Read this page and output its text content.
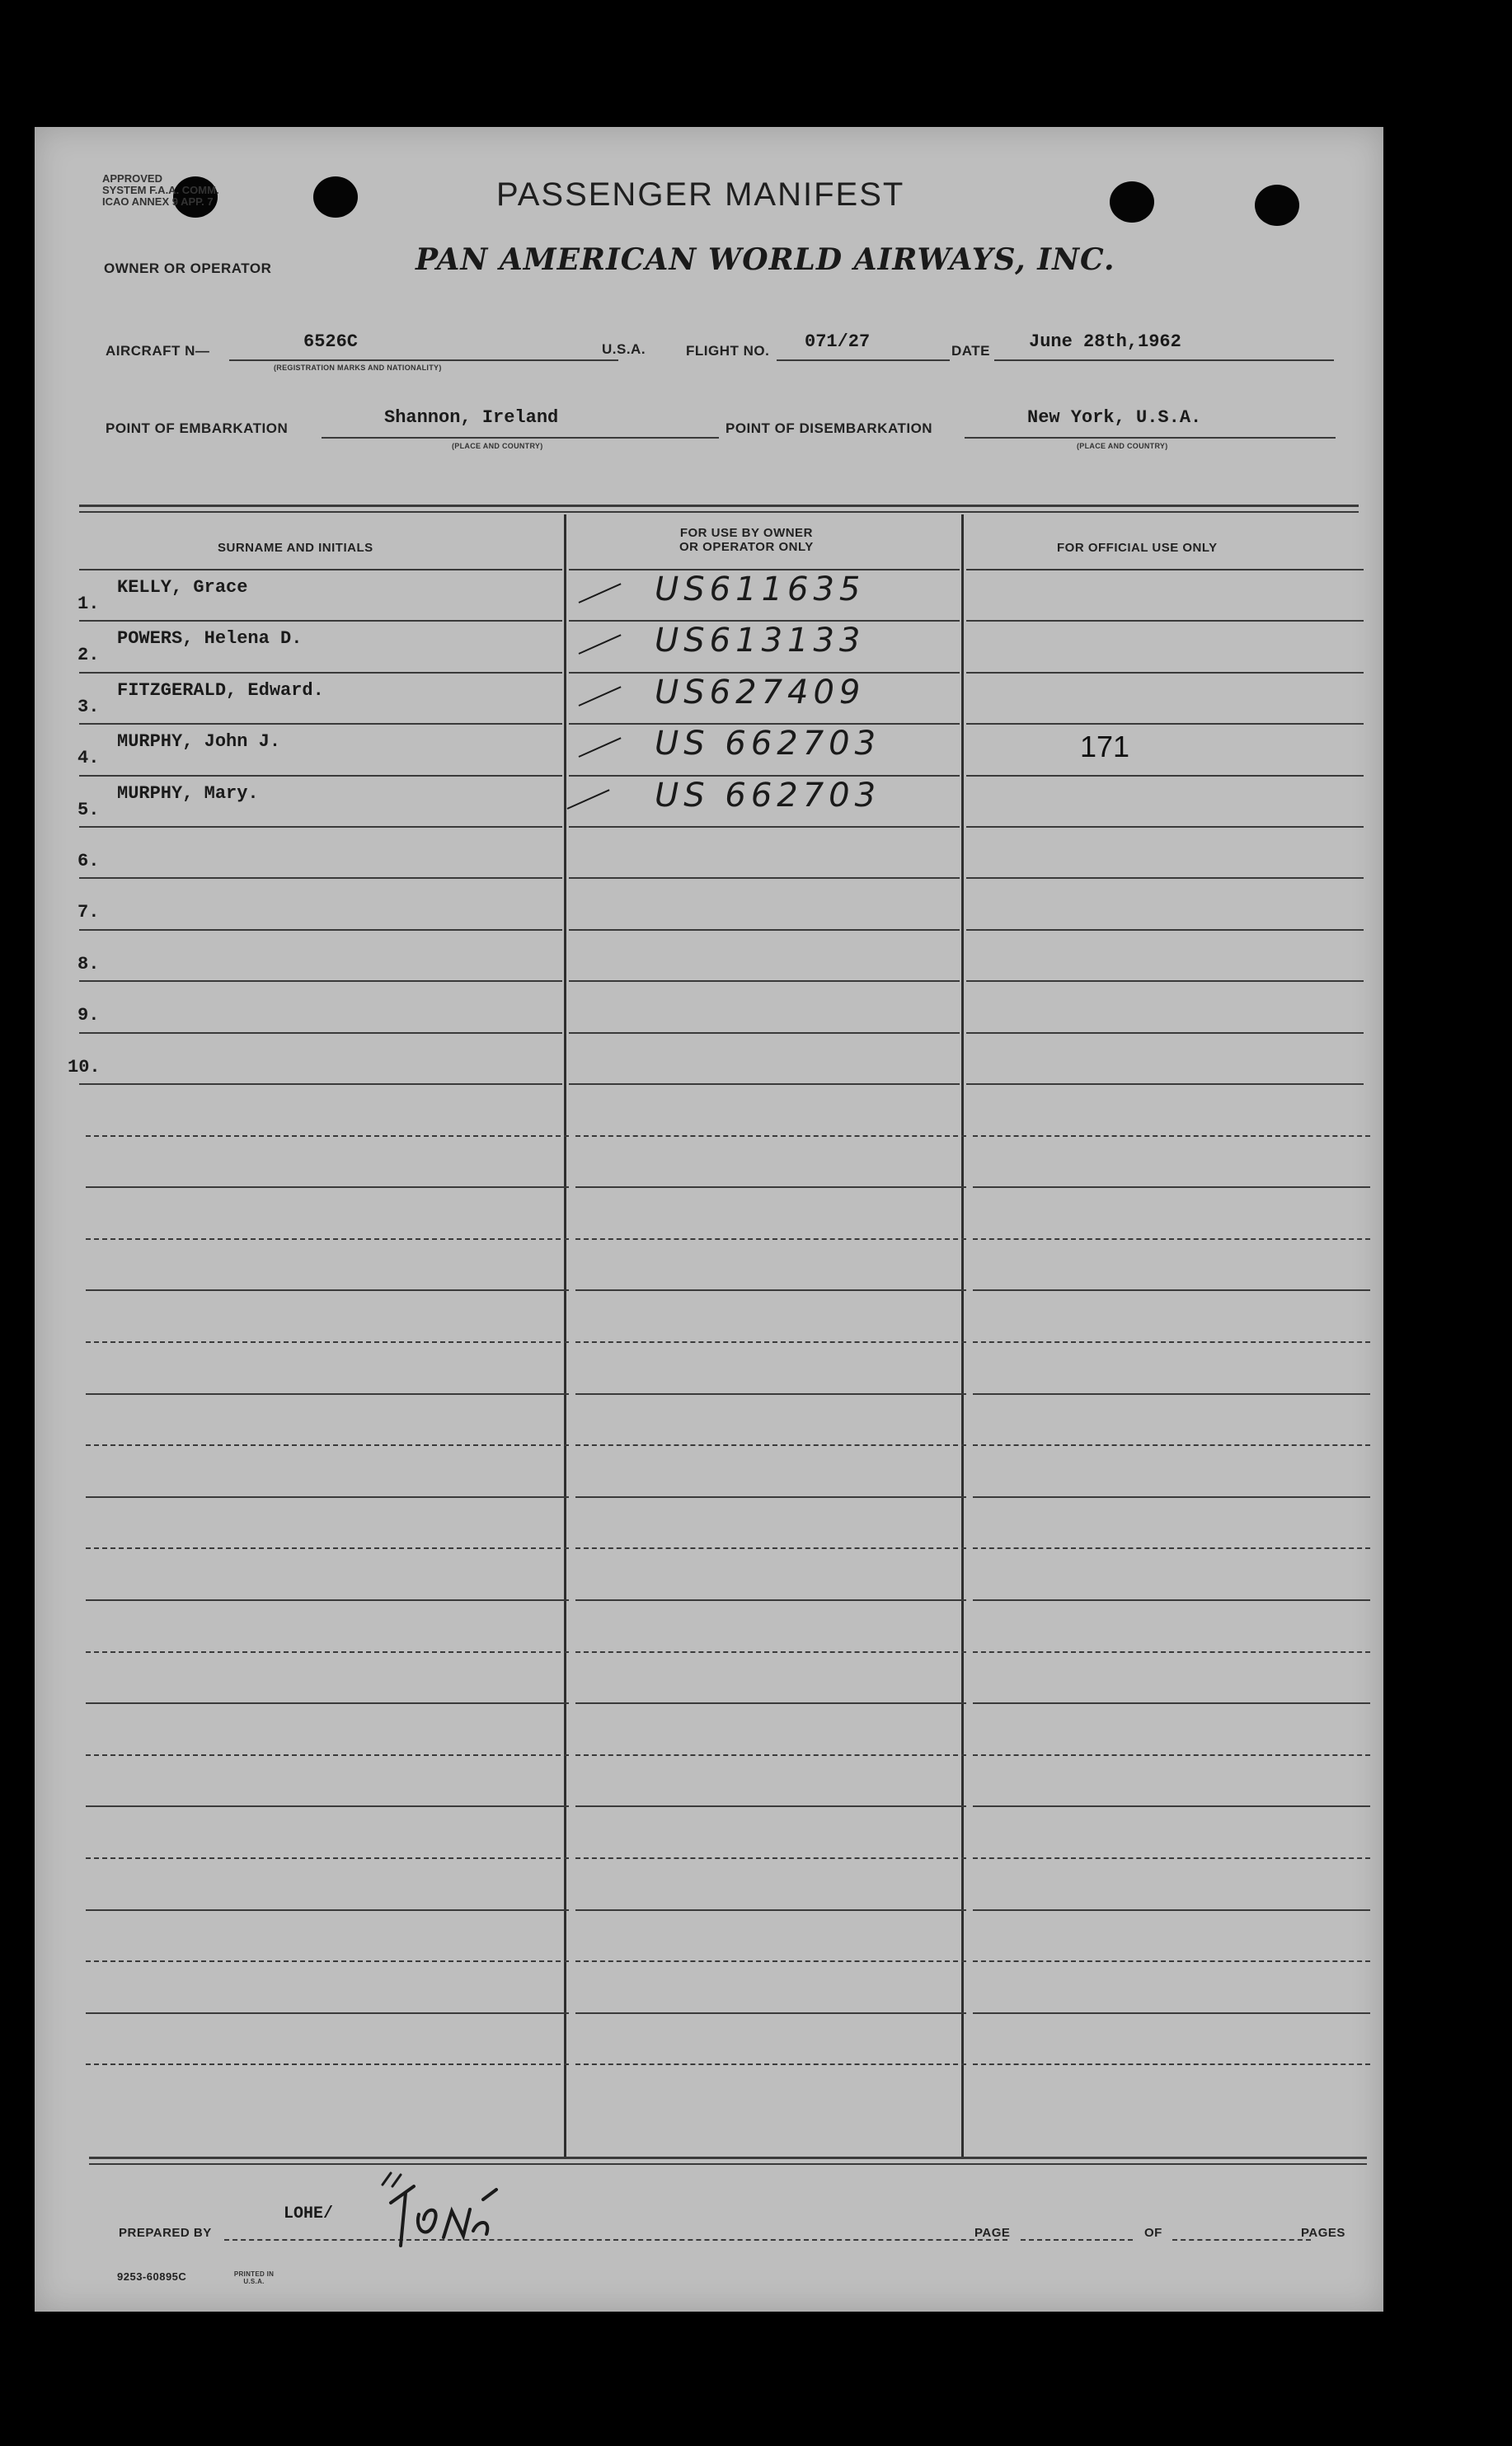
APPROVED
SYSTEM F.A.A. COMM.
ICAO ANNEX 9 APP. 7	PASSENGER MANIFEST
OWNER OR OPERATOR	PAN AMERICAN WORLD AIRWAYS, INC.
AIRCRAFT N—	6526C
(REGISTRATION MARKS AND NATIONALITY)
U.S.A.	FLIGHT NO. 071/27	DATE June 28th,1962
POINT OF EMBARKATION
Shannon, Ireland
(PLACE AND COUNTRY)
POINT OF DISEMBARKATION
New York, U.S.A.
(PLACE AND COUNTRY)
SURNAME AND INITIALS
FOR USE BY OWNER
OR OPERATOR ONLY	FOR OFFICIAL USE ONLY
1.
KELLY, Grace	US611635
2.
POWERS, Helena D.	US613133
3.
FITZGERALD, Edward.	US627409
4.
MURPHY, John J.	US 662703	171
5.
MURPHY, Mary.	US 662703
6.
7.
8.
9.
10.
PREPARED BY
LOHE/
PAGE	OF	PAGES
9253-60895C	PRINTED IN U.S.A.
